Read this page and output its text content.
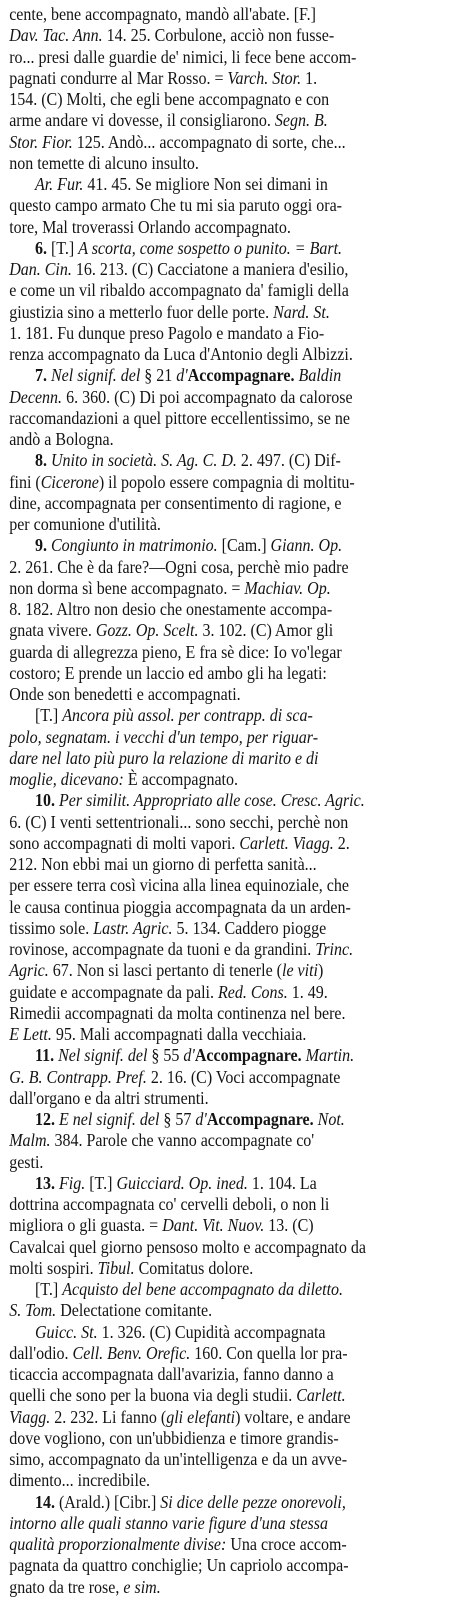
cente, bene accompagnato, mandò all'abate. [F.]
Dav. Tac. Ann. 14. 25. Corbulone, acciò non fusse-
ro... presi dalle guardie de' nimici, li fece bene accom-
pagnati condurre al Mar Rosso. = Varch. Stor. 1.
154. (C) Molti, che egli bene accompagnato e con
arme andare vi dovesse, il consigliarono. Segn. B.
Stor. Fior. 125. Andò... accompagnato di sorte, che...
non temette di alcuno insulto.
Ar. Fur. 41. 45. Se migliore Non sei dimani in
questo campo armato Che tu mi sia paruto oggi ora-
tore, Mal troverassi Orlando accompagnato.
6. [T.] A scorta, come sospetto o punito. = Bart.
Dan. Cin. 16. 213. (C) Cacciatone a maniera d'esilio,
e come un vil ribaldo accompagnato da' famigli della
giustizia sino a metterlo fuor delle porte. Nard. St.
1. 181. Fu dunque preso Pagolo e mandato a Fio-
renza accompagnato da Luca d'Antonio degli Albizzi.
7. Nel signif. del § 21 d'Accompagnare. Baldin
Decenn. 6. 360. (C) Di poi accompagnato da calorose
raccomandazioni a quel pittore eccellentissimo, se ne
andò a Bologna.
8. Unito in società. S. Ag. C. D. 2. 497. (C) Dif-
fini (Cicerone) il popolo essere compagnia di moltitu-
dine, accompagnata per consentimento di ragione, e
per comunione d'utilità.
9. Congiunto in matrimonio. [Cam.] Giann. Op.
2. 261. Che è da fare?—Ogni cosa, perchè mio padre
non dorma sì bene accompagnato. = Machiav. Op.
8. 182. Altro non desio che onestamente accompa-
gnata vivere. Gozz. Op. Scelt. 3. 102. (C) Amor gli
guarda di allegrezza pieno, E fra sè dice: Io vo'legar
costoro; E prende un laccio ed ambo gli ha legati:
Onde son benedetti e accompagnati.
[T.] Ancora più assol. per contrapp. di sca-
polo, segnatam. i vecchi d'un tempo, per riguar-
dare nel lato più puro la relazione di marito e di
moglie, dicevano: È accompagnato.
10. Per similit. Appropriato alle cose. Cresc. Agric.
6. (C) I venti settentrionali... sono secchi, perchè non
sono accompagnati di molti vapori. Carlett. Viagg. 2.
212. Non ebbi mai un giorno di perfetta sanità...
per essere terra così vicina alla linea equinoziale, che
le causa continua pioggia accompagnata da un arden-
tissimo sole. Lastr. Agric. 5. 134. Caddero piogge
rovinose, accompagnate da tuoni e da grandini. Trinc.
Agric. 67. Non si lasci pertanto di tenerle (le viti)
guidate e accompagnate da pali. Red. Cons. 1. 49.
Rimedii accompagnati da molta continenza nel bere.
E Lett. 95. Mali accompagnati dalla vecchiaia.
11. Nel signif. del § 55 d'Accompagnare. Martin.
G. B. Contrapp. Pref. 2. 16. (C) Voci accompagnate
dall'organo e da altri strumenti.
12. E nel signif. del § 57 d'Accompagnare. Not.
Malm. 384. Parole che vanno accompagnate co'
gesti.
13. Fig. [T.] Guicciard. Op. ined. 1. 104. La
dottrina accompagnata co' cervelli deboli, o non li
migliora o gli guasta. = Dant. Vit. Nuov. 13. (C)
Cavalcai quel giorno pensoso molto e accompagnato da
molti sospiri. Tibul. Comitatus dolore.
[T.] Acquisto del bene accompagnato da diletto.
S. Tom. Delectatione comitante.
Guicc. St. 1. 326. (C) Cupidità accompagnata
dall'odio. Cell. Benv. Orefic. 160. Con quella lor pra-
ticaccia accompagnata dall'avarizia, fanno danno a
quelli che sono per la buona via degli studii. Carlett.
Viagg. 2. 232. Li fanno (gli elefanti) voltare, e andare
dove vogliono, con un'ubbidienza e timore grandis-
simo, accompagnato da un'intelligenza e da un avve-
dimento... incredibile.
14. (Arald.) [Cibr.] Si dice delle pezze onorevoli,
intorno alle quali stanno varie figure d'una stessa
qualità proporzionalmente divise: Una croce accom-
pagnata da quattro conchiglie; Un capriolo accompa-
gnato da tre rose, e sim.
